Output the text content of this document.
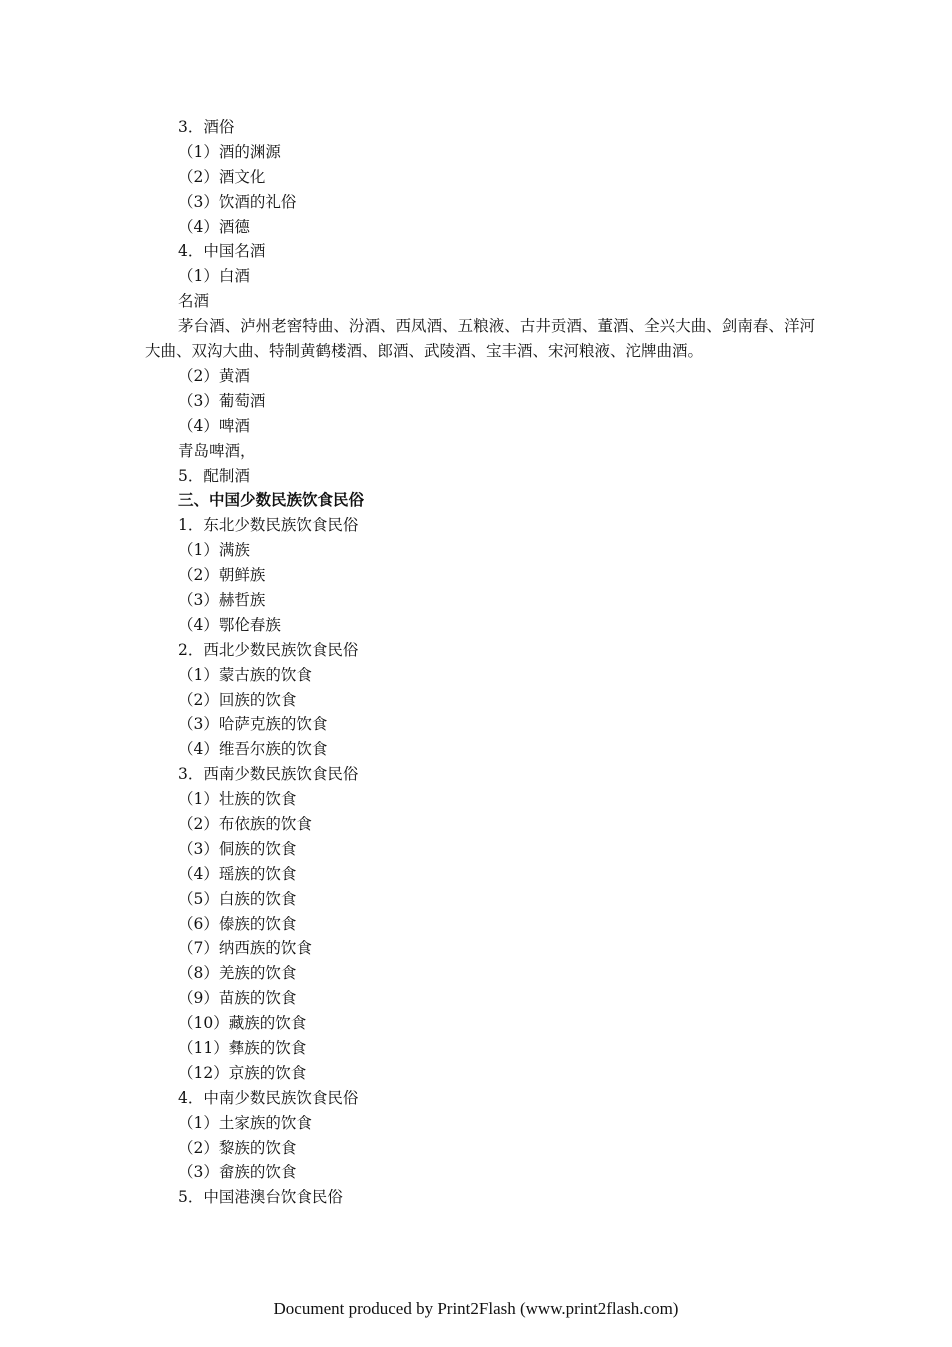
3．酒俗
（1）酒的渊源
（2）酒文化
（3）饮酒的礼俗
（4）酒德
4．中国名酒
（1）白酒
名酒

茅台酒、泸州老窖特曲、汾酒、西凤酒、五粮液、古井贡酒、董酒、全兴大曲、剑南春、洋河大曲、双沟大曲、特制黄鹤楼酒、郎酒、武陵酒、宝丰酒、宋河粮液、沱牌曲酒。

（2）黄酒
（3）葡萄酒
（4）啤酒
青岛啤酒，
5．配制酒
三、中国少数民族饮食民俗
1．东北少数民族饮食民俗
（1）满族
（2）朝鲜族
（3）赫哲族
（4）鄂伦春族
2．西北少数民族饮食民俗
（1）蒙古族的饮食
（2）回族的饮食
（3）哈萨克族的饮食
（4）维吾尔族的饮食
3．西南少数民族饮食民俗
（1）壮族的饮食
（2）布依族的饮食
（3）侗族的饮食
（4）瑶族的饮食
（5）白族的饮食
（6）傣族的饮食
（7）纳西族的饮食
（8）羌族的饮食
（9）苗族的饮食
（10）藏族的饮食
（11）彝族的饮食
（12）京族的饮食
4．中南少数民族饮食民俗
（1）土家族的饮食
（2）黎族的饮食
（3）畲族的饮食
5．中国港澳台饮食民俗
Document produced by Print2Flash (www.print2flash.com)
